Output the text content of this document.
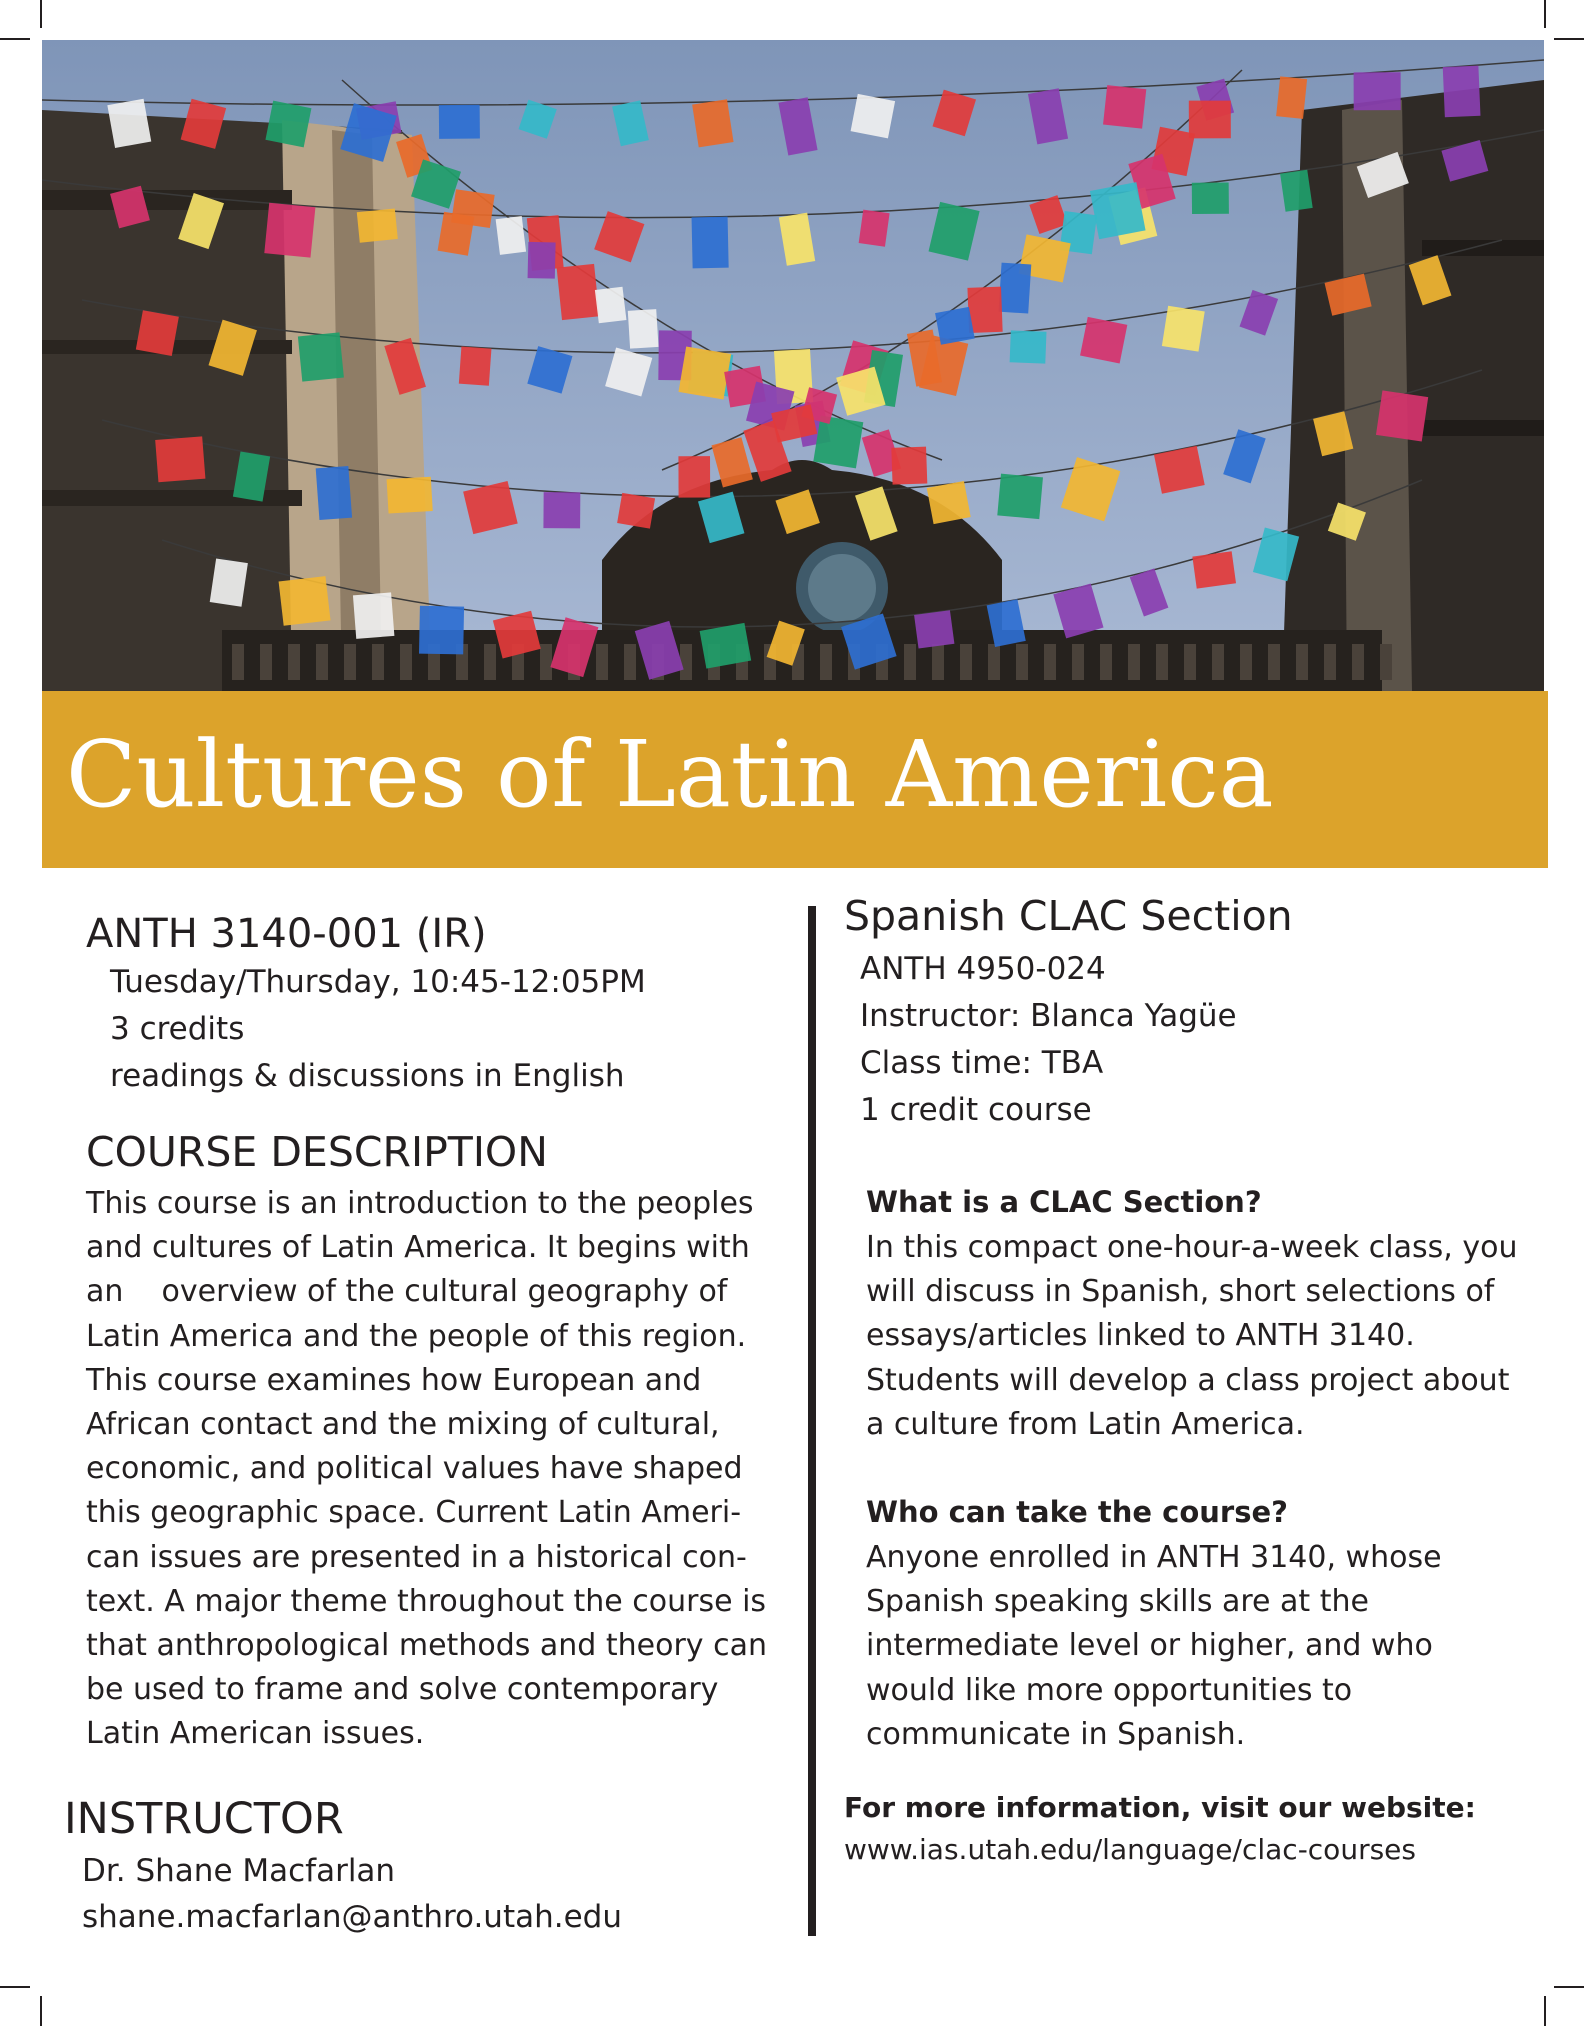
Cultures of Latin America
ANTH 3140-001 (IR)
Tuesday/Thursday, 10:45-12:05PM
3 credits
readings & discussions in English
COURSE DESCRIPTION
This course is an introduction to the peoples
and cultures of Latin America. It begins with
an    overview of the cultural geography of
Latin America and the people of this region.
This course examines how European and
African contact and the mixing of cultural,
economic, and political values have shaped
this geographic space. Current Latin Ameri-
can issues are presented in a historical con-
text. A major theme throughout the course is
that anthropological methods and theory can
be used to frame and solve contemporary
Latin American issues.
INSTRUCTOR
Dr. Shane Macfarlan
shane.macfarlan@anthro.utah.edu
Spanish CLAC Section
ANTH 4950-024
Instructor: Blanca Yagüe
Class time: TBA
1 credit course
What is a CLAC Section?
In this compact one-hour-a-week class, you
will discuss in Spanish, short selections of
essays/articles linked to ANTH 3140.
Students will develop a class project about
a culture from Latin America.
Who can take the course?
Anyone enrolled in ANTH 3140, whose
Spanish speaking skills are at the
intermediate level or higher, and who
would like more opportunities to
communicate in Spanish.
For more information, visit our website:
www.ias.utah.edu/language/clac-courses
